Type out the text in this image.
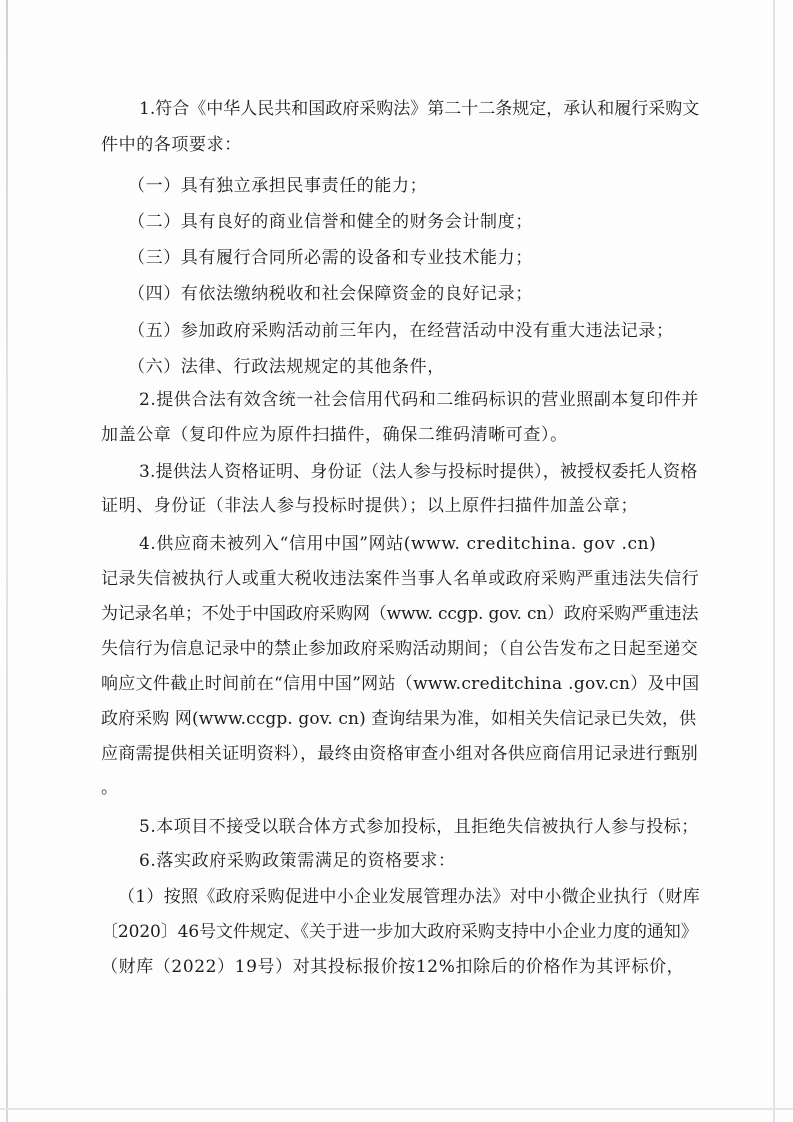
1.符合《中华人民共和国政府采购法》第二十二条规定，承认和履行采购文
件中的各项要求：
（一）具有独立承担民事责任的能力；
（二）具有良好的商业信誉和健全的财务会计制度；
（三）具有履行合同所必需的设备和专业技术能力；
（四）有依法缴纳税收和社会保障资金的良好记录；
（五）参加政府采购活动前三年内，在经营活动中没有重大违法记录；
（六）法律、行政法规规定的其他条件，
2.提供合法有效含统一社会信用代码和二维码标识的营业照副本复印件并
加盖公章（复印件应为原件扫描件，确保二维码清晰可查）。
3.提供法人资格证明、身份证（法人参与投标时提供），被授权委托人资格
证明、身份证（非法人参与投标时提供）；以上原件扫描件加盖公章；
4.供应商未被列入“信用中国”网站(www. creditchina. gov .cn)
记录失信被执行人或重大税收违法案件当事人名单或政府采购严重违法失信行
为记录名单；不处于中国政府采购网（www. ccgp. gov. cn）政府采购严重违法
失信行为信息记录中的禁止参加政府采购活动期间；（自公告发布之日起至递交
响应文件截止时间前在“信用中国”网站（www.creditchina .gov.cn）及中国
政府采购 网(www.ccgp. gov. cn) 查询结果为准，如相关失信记录已失效，供
应商需提供相关证明资料），最终由资格审查小组对各供应商信用记录进行甄别
。
5.本项目不接受以联合体方式参加投标，且拒绝失信被执行人参与投标；
6.落实政府采购政策需满足的资格要求：
（1）按照《政府采购促进中小企业发展管理办法》对中小微企业执行（财库
〔2020〕46号文件规定、《关于进一步加大政府采购支持中小企业力度的通知》
（财库（2022）19号）对其投标报价按12%扣除后的价格作为其评标价，
